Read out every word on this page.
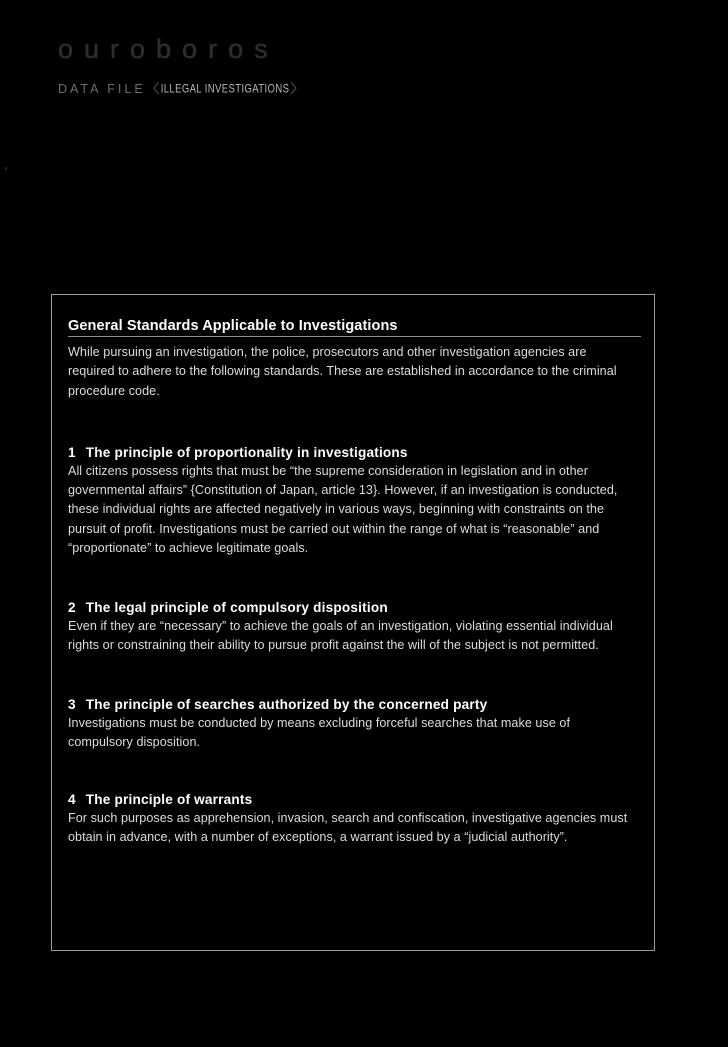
ouroboros
DATA FILE 〈 ILLEGAL INVESTIGATIONS 〉
General Standards Applicable to Investigations

While pursuing an investigation, the police, prosecutors and other investigation agencies are required to adhere to the following standards. These are established in accordance to the criminal procedure code.

1 The principle of proportionality in investigations

All citizens possess rights that must be “the supreme consideration in legislation and in other governmental affairs” {Constitution of Japan, article 13}. However, if an investigation is conducted, these individual rights are affected negatively in various ways, beginning with constraints on the pursuit of profit. Investigations must be carried out within the range of what is “reasonable” and “proportionate” to achieve legitimate goals.

2 The legal principle of compulsory disposition

Even if they are “necessary” to achieve the goals of an investigation, violating essential individual rights or constraining their ability to pursue profit against the will of the subject is not permitted.

3 The principle of searches authorized by the concerned party

Investigations must be conducted by means excluding forceful searches that make use of compulsory disposition.

4 The principle of warrants

For such purposes as apprehension, invasion, search and confiscation, investigative agencies must obtain in advance, with a number of exceptions, a warrant issued by a “judicial authority”.
